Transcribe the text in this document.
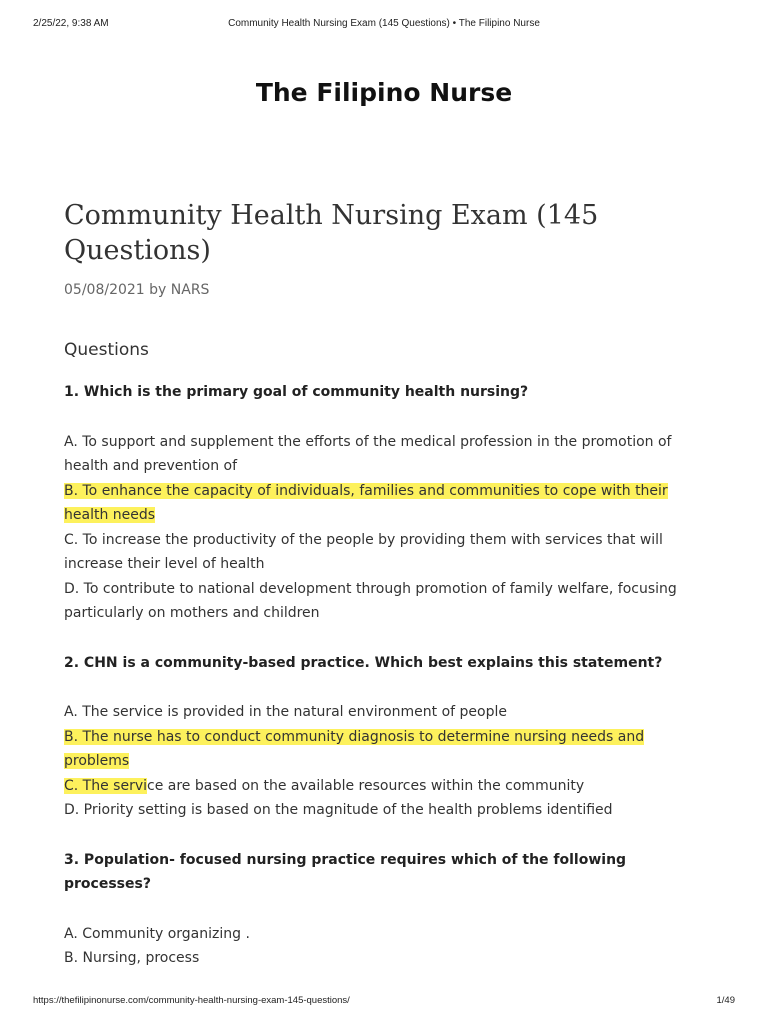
2/25/22, 9:38 AM	Community Health Nursing Exam (145 Questions) • The Filipino Nurse
The Filipino Nurse
Community Health Nursing Exam (145 Questions)
05/08/2021 by NARS
Questions

1. Which is the primary goal of community health nursing?

A. To support and supplement the efforts of the medical profession in the promotion of health and prevention of

B. To enhance the capacity of individuals, families and communities to cope with their health needs

C. To increase the productivity of the people by providing them with services that will increase their level of health

D. To contribute to national development through promotion of family welfare, focusing particularly on mothers and children

2. CHN is a community-based practice. Which best explains this statement?

A. The service is provided in the natural environment of people

B. The nurse has to conduct community diagnosis to determine nursing needs and problems

C. The service are based on the available resources within the community

D. Priority setting is based on the magnitude of the health problems identified

3. Population- focused nursing practice requires which of the following processes?

A. Community organizing .

B. Nursing, process

https://thefilipinonurse.com/community-health-nursing-exam-145-questions/	1/49
